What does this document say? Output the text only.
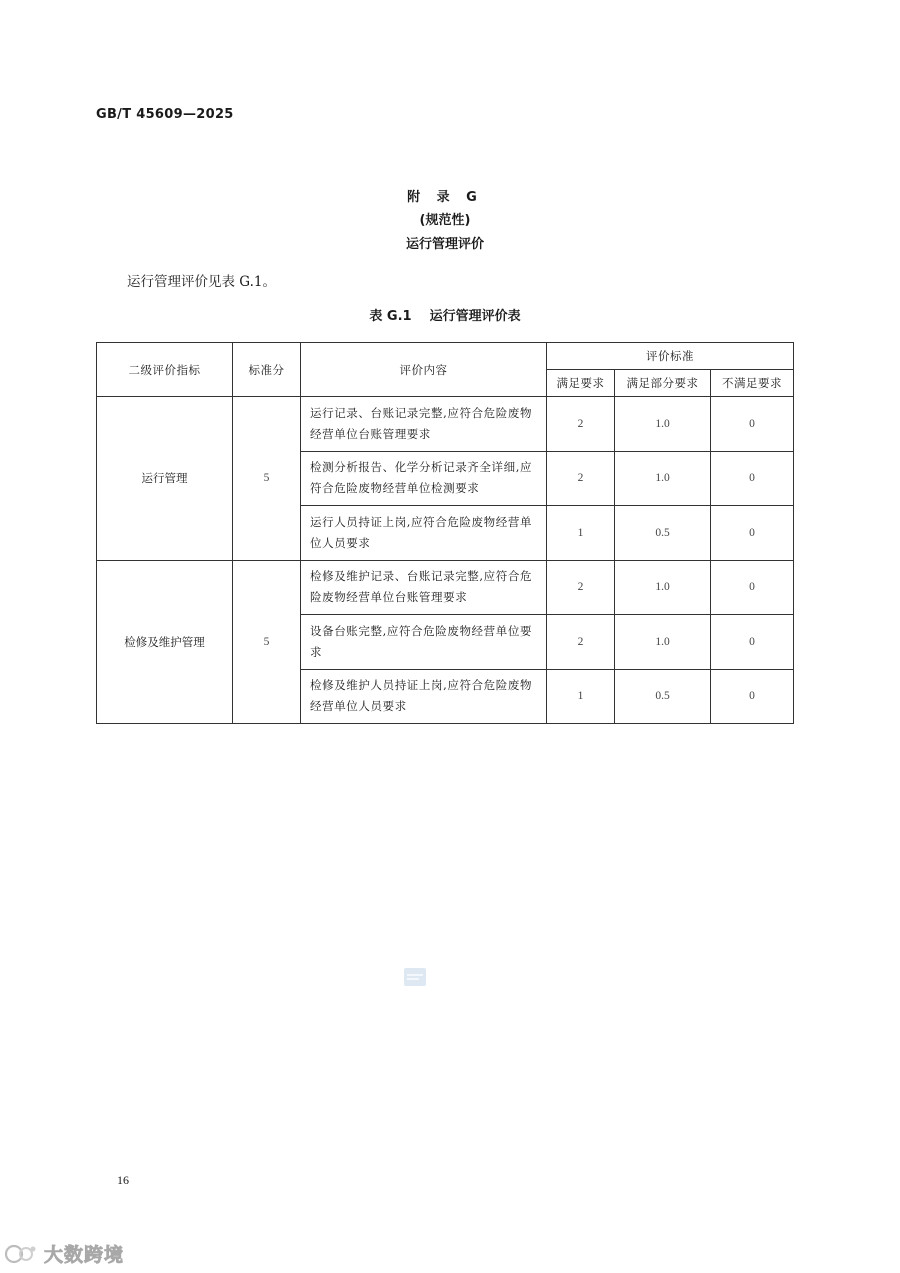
GB/T 45609—2025
附 录 G
(规范性)
运行管理评价
运行管理评价见表 G.1。
表 G.1 运行管理评价表
二级评价指标	标准分	评价内容	评价标准		
			满足要求	满足部分要求	不满足要求
运行管理	5	运行记录、台账记录完整,应符合危险废物经营单位台账管理要求	2	1.0	0
		检测分析报告、化学分析记录齐全详细,应符合危险废物经营单位检测要求	2	1.0	0
		运行人员持证上岗,应符合危险废物经营单位人员要求	1	0.5	0
检修及维护管理	5	检修及维护记录、台账记录完整,应符合危险废物经营单位台账管理要求	2	1.0	0
		设备台账完整,应符合危险废物经营单位要求	2	1.0	0
		检修及维护人员持证上岗,应符合危险废物经营单位人员要求	1	0.5	0
16
大数跨境
